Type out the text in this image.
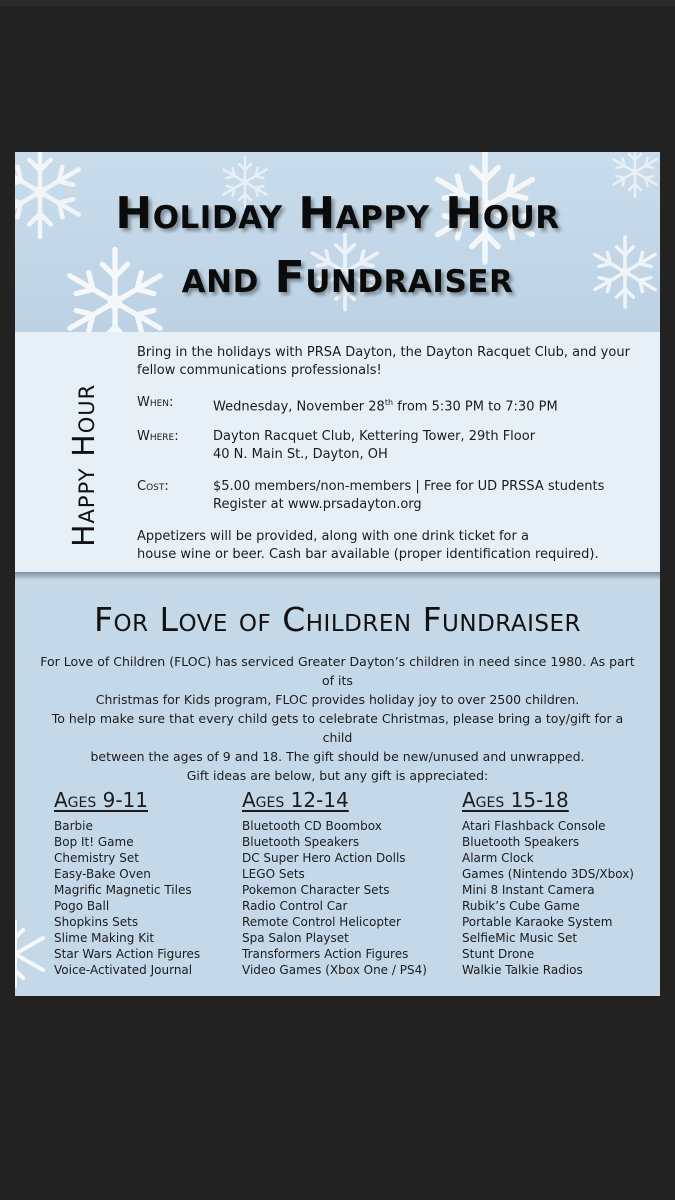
Holiday Happy Hour
and Fundraiser
Happy Hour
Bring in the holidays with PRSA Dayton, the Dayton Racquet Club, and your fellow communications professionals!
When:	Wednesday, November 28th from 5:30 PM to 7:30 PM
Where:	Dayton Racquet Club, Kettering Tower, 29th Floor
40 N. Main St., Dayton, OH
Cost:	$5.00 members/non-members | Free for UD PRSSA students
Register at www.prsadayton.org
Appetizers will be provided, along with one drink ticket for a
house wine or beer. Cash bar available (proper identification required).
For Love of Children Fundraiser
For Love of Children (FLOC) has serviced Greater Dayton’s children in need since 1980. As part of its
Christmas for Kids program, FLOC provides holiday joy to over 2500 children.
To help make sure that every child gets to celebrate Christmas, please bring a toy/gift for a child
between the ages of 9 and 18. The gift should be new/unused and unwrapped.
Gift ideas are below, but any gift is appreciated:
Ages 9-11
Barbie
Bop It! Game
Chemistry Set
Easy-Bake Oven
Magrific Magnetic Tiles
Pogo Ball
Shopkins Sets
Slime Making Kit
Star Wars Action Figures
Voice-Activated Journal
Ages 12-14
Bluetooth CD Boombox
Bluetooth Speakers
DC Super Hero Action Dolls
LEGO Sets
Pokemon Character Sets
Radio Control Car
Remote Control Helicopter
Spa Salon Playset
Transformers Action Figures
Video Games (Xbox One / PS4)
Ages 15-18
Atari Flashback Console
Bluetooth Speakers
Alarm Clock
Games (Nintendo 3DS/Xbox)
Mini 8 Instant Camera
Rubik’s Cube Game
Portable Karaoke System
SelfieMic Music Set
Stunt Drone
Walkie Talkie Radios
